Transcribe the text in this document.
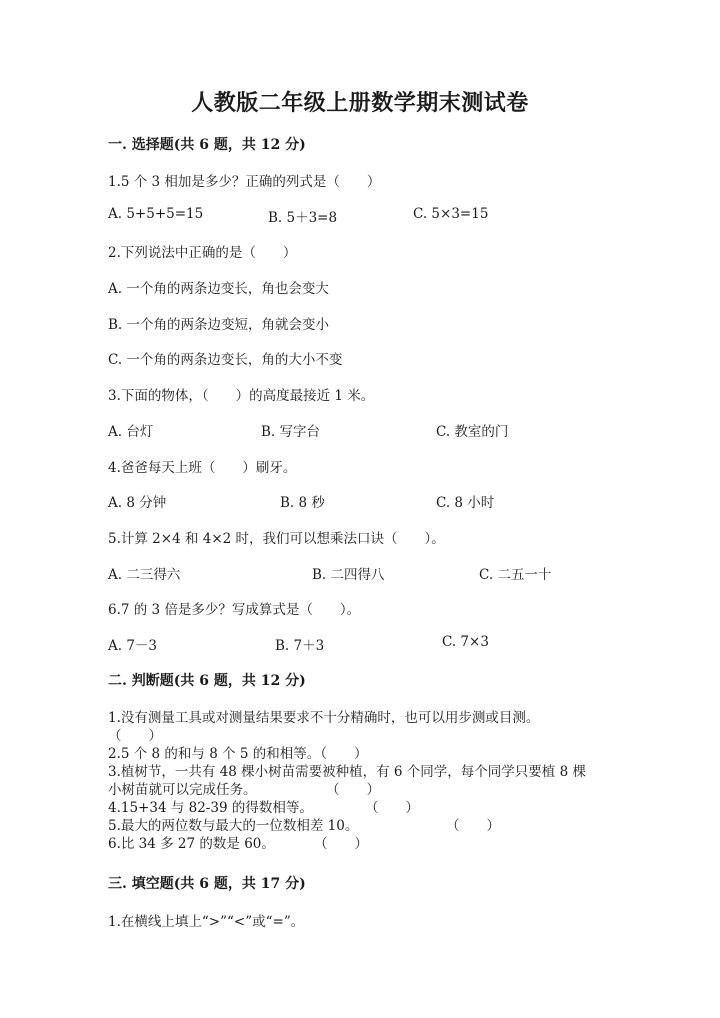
人教版二年级上册数学期末测试卷
一. 选择题(共 6 题，共 12 分)
1.5 个 3 相加是多少？正确的列式是（　　）
A. 5+5+5=15	B. 5＋3=8	C. 5×3=15
2.下列说法中正确的是（　　）
A. 一个角的两条边变长，角也会变大
B. 一个角的两条边变短，角就会变小
C. 一个角的两条边变长，角的大小不变
3.下面的物体，（　　）的高度最接近 1 米。
A. 台灯	B. 写字台	C. 教室的门
4.爸爸每天上班（　　）刷牙。
A. 8 分钟	B. 8 秒	C. 8 小时
5.计算 2×4 和 4×2 时，我们可以想乘法口诀（　　）。
A. 二三得六	B. 二四得八	C. 二五一十
6.7 的 3 倍是多少？写成算式是（　　）。
A. 7－3	B. 7＋3	C. 7×3
二. 判断题(共 6 题，共 12 分)
1.没有测量工具或对测量结果要求不十分精确时，也可以用步测或目测。
（　　）
2.5 个 8 的和与 8 个 5 的和相等。（　　）
3.植树节，一共有 48 棵小树苗需要被种植，有 6 个同学，每个同学只要植 8 棵
小树苗就可以完成任务。	（　　）
4.15+34 与 82-39 的得数相等。	（　　）
5.最大的两位数与最大的一位数相差 10。	（　　）
6.比 34 多 27 的数是 60。	（　　）
三. 填空题(共 6 题，共 17 分)
1.在横线上填上“>”“<”或“=”。
